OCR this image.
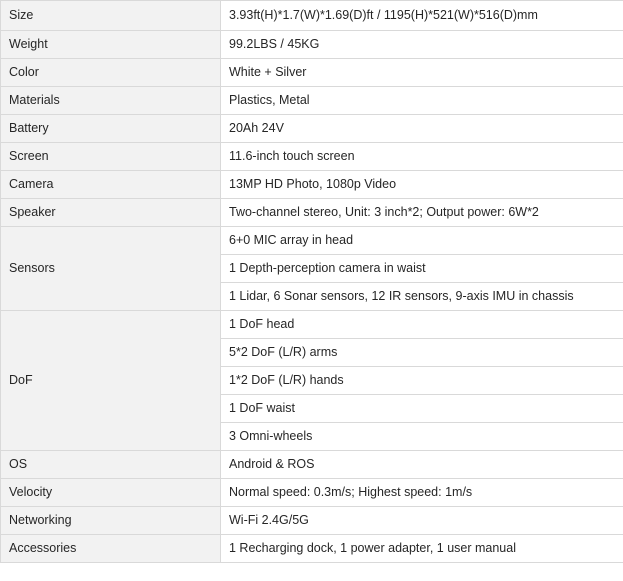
Size	3.93ft(H)*1.7(W)*1.69(D)ft / 1195(H)*521(W)*516(D)mm
Weight	99.2LBS / 45KG
Color	White + Silver
Materials	Plastics, Metal
Battery	20Ah 24V
Screen	11.6-inch touch screen
Camera	13MP HD Photo, 1080p Video
Speaker	Two-channel stereo, Unit: 3 inch*2; Output power: 6W*2
Sensors	6+0 MIC array in head
	1 Depth-perception camera in waist
	1 Lidar, 6 Sonar sensors, 12 IR sensors, 9-axis IMU in chassis
DoF	1 DoF head
	5*2 DoF (L/R) arms
	1*2 DoF (L/R) hands
	1 DoF waist
	3 Omni-wheels
OS	Android & ROS
Velocity	Normal speed: 0.3m/s; Highest speed: 1m/s
Networking	Wi-Fi 2.4G/5G
Accessories	1 Recharging dock, 1 power adapter, 1 user manual
